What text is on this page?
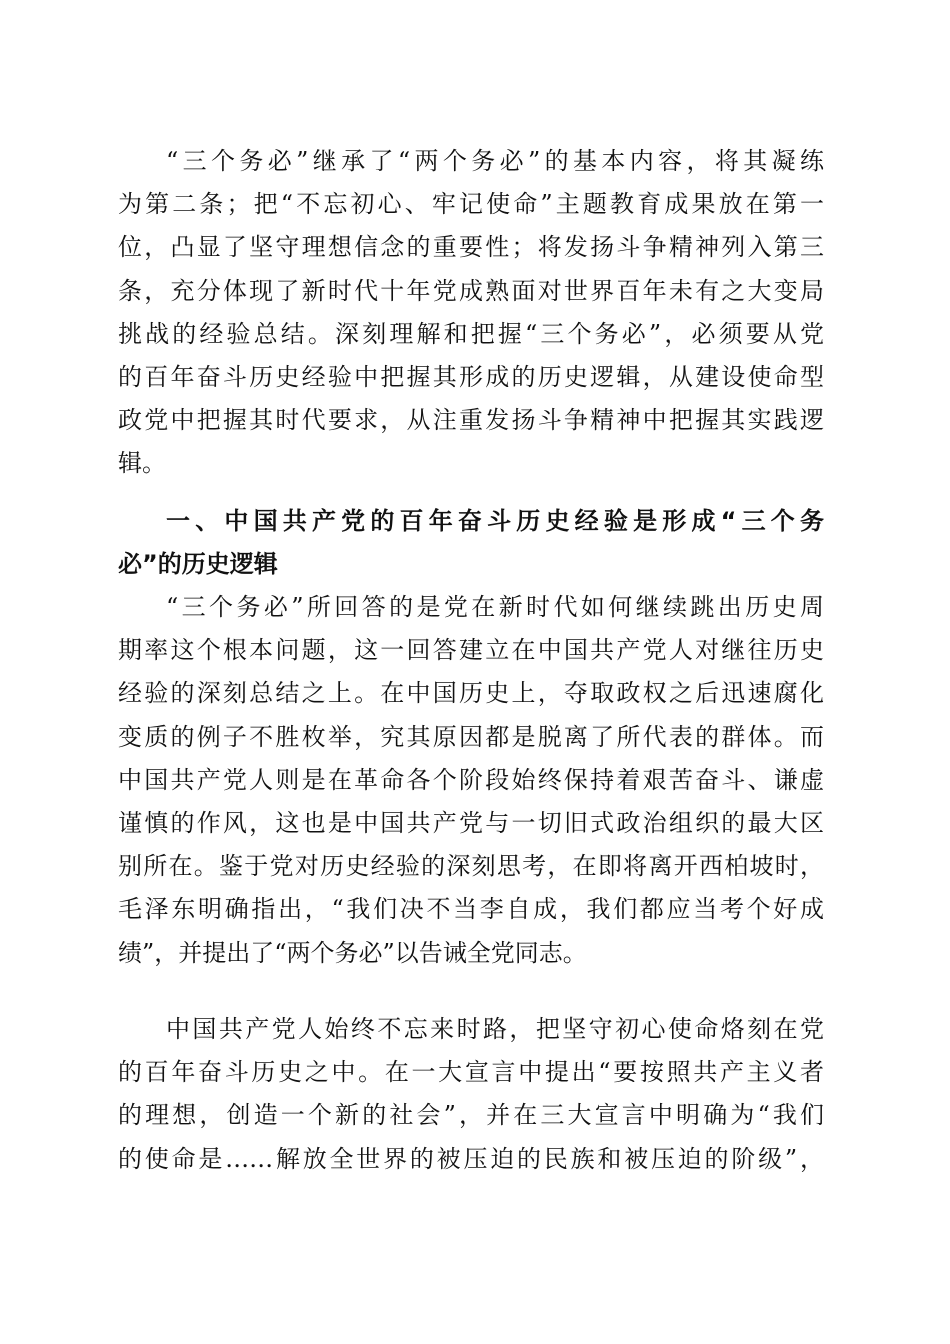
“三个务必”继承了“两个务必”的基本内容，将其凝练
为第二条；把“不忘初心、牢记使命”主题教育成果放在第一
位，凸显了坚守理想信念的重要性；将发扬斗争精神列入第三
条，充分体现了新时代十年党成熟面对世界百年未有之大变局
挑战的经验总结。深刻理解和把握“三个务必”，必须要从党
的百年奋斗历史经验中把握其形成的历史逻辑，从建设使命型
政党中把握其时代要求，从注重发扬斗争精神中把握其实践逻
辑。
一、中国共产党的百年奋斗历史经验是形成“三个务
必”的历史逻辑
“三个务必”所回答的是党在新时代如何继续跳出历史周
期率这个根本问题，这一回答建立在中国共产党人对继往历史
经验的深刻总结之上。在中国历史上，夺取政权之后迅速腐化
变质的例子不胜枚举，究其原因都是脱离了所代表的群体。而
中国共产党人则是在革命各个阶段始终保持着艰苦奋斗、谦虚
谨慎的作风，这也是中国共产党与一切旧式政治组织的最大区
别所在。鉴于党对历史经验的深刻思考，在即将离开西柏坡时，
毛泽东明确指出，“我们决不当李自成，我们都应当考个好成
绩”，并提出了“两个务必”以告诫全党同志。
中国共产党人始终不忘来时路，把坚守初心使命烙刻在党
的百年奋斗历史之中。在一大宣言中提出“要按照共产主义者
的理想，创造一个新的社会”，并在三大宣言中明确为“我们
的使命是……解放全世界的被压迫的民族和被压迫的阶级”，
